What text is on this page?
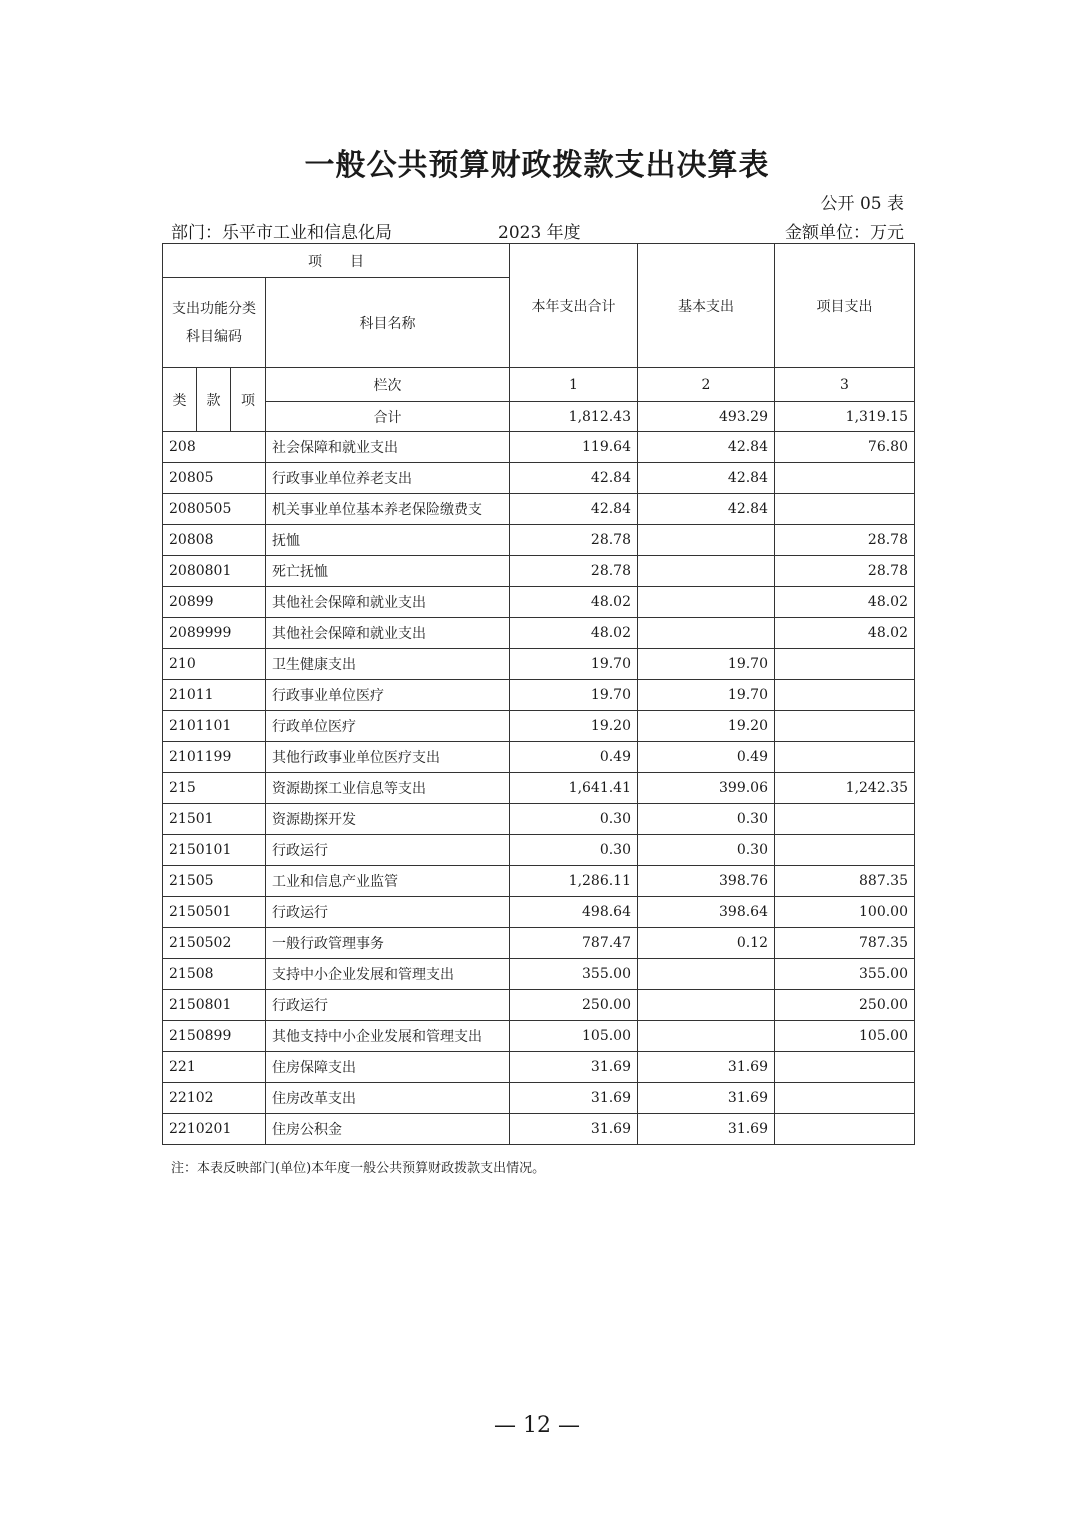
一般公共预算财政拨款支出决算表
公开 05 表
部门：乐平市工业和信息化局	2023 年度	金额单位：万元
项　　目				本年支出合计	基本支出	项目支出
支出功能分类科目编码			科目名称			
类	款	项	栏次	1	2	3
			合计	1,812.43	493.29	1,319.15
208			社会保障和就业支出	119.64	42.84	76.80
20805			行政事业单位养老支出	42.84	42.84	
2080505			机关事业单位基本养老保险缴费支	42.84	42.84	
20808			抚恤	28.78		28.78
2080801			死亡抚恤	28.78		28.78
20899			其他社会保障和就业支出	48.02		48.02
2089999			其他社会保障和就业支出	48.02		48.02
210			卫生健康支出	19.70	19.70	
21011			行政事业单位医疗	19.70	19.70	
2101101			行政单位医疗	19.20	19.20	
2101199			其他行政事业单位医疗支出	0.49	0.49	
215			资源勘探工业信息等支出	1,641.41	399.06	1,242.35
21501			资源勘探开发	0.30	0.30	
2150101			行政运行	0.30	0.30	
21505			工业和信息产业监管	1,286.11	398.76	887.35
2150501			行政运行	498.64	398.64	100.00
2150502			一般行政管理事务	787.47	0.12	787.35
21508			支持中小企业发展和管理支出	355.00		355.00
2150801			行政运行	250.00		250.00
2150899			其他支持中小企业发展和管理支出	105.00		105.00
221			住房保障支出	31.69	31.69	
22102			住房改革支出	31.69	31.69	
2210201			住房公积金	31.69	31.69	
注：本表反映部门(单位)本年度一般公共预算财政拨款支出情况。
— 12 —
